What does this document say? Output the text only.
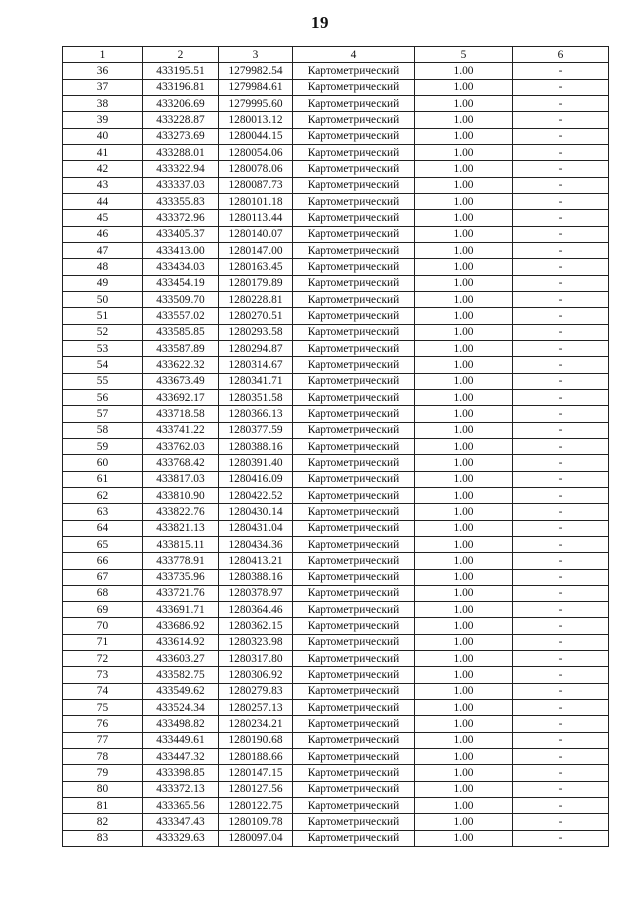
19
1	2	3	4	5	6
36	433195.51	1279982.54	Картометрический	1.00	-
37	433196.81	1279984.61	Картометрический	1.00	-
38	433206.69	1279995.60	Картометрический	1.00	-
39	433228.87	1280013.12	Картометрический	1.00	-
40	433273.69	1280044.15	Картометрический	1.00	-
41	433288.01	1280054.06	Картометрический	1.00	-
42	433322.94	1280078.06	Картометрический	1.00	-
43	433337.03	1280087.73	Картометрический	1.00	-
44	433355.83	1280101.18	Картометрический	1.00	-
45	433372.96	1280113.44	Картометрический	1.00	-
46	433405.37	1280140.07	Картометрический	1.00	-
47	433413.00	1280147.00	Картометрический	1.00	-
48	433434.03	1280163.45	Картометрический	1.00	-
49	433454.19	1280179.89	Картометрический	1.00	-
50	433509.70	1280228.81	Картометрический	1.00	-
51	433557.02	1280270.51	Картометрический	1.00	-
52	433585.85	1280293.58	Картометрический	1.00	-
53	433587.89	1280294.87	Картометрический	1.00	-
54	433622.32	1280314.67	Картометрический	1.00	-
55	433673.49	1280341.71	Картометрический	1.00	-
56	433692.17	1280351.58	Картометрический	1.00	-
57	433718.58	1280366.13	Картометрический	1.00	-
58	433741.22	1280377.59	Картометрический	1.00	-
59	433762.03	1280388.16	Картометрический	1.00	-
60	433768.42	1280391.40	Картометрический	1.00	-
61	433817.03	1280416.09	Картометрический	1.00	-
62	433810.90	1280422.52	Картометрический	1.00	-
63	433822.76	1280430.14	Картометрический	1.00	-
64	433821.13	1280431.04	Картометрический	1.00	-
65	433815.11	1280434.36	Картометрический	1.00	-
66	433778.91	1280413.21	Картометрический	1.00	-
67	433735.96	1280388.16	Картометрический	1.00	-
68	433721.76	1280378.97	Картометрический	1.00	-
69	433691.71	1280364.46	Картометрический	1.00	-
70	433686.92	1280362.15	Картометрический	1.00	-
71	433614.92	1280323.98	Картометрический	1.00	-
72	433603.27	1280317.80	Картометрический	1.00	-
73	433582.75	1280306.92	Картометрический	1.00	-
74	433549.62	1280279.83	Картометрический	1.00	-
75	433524.34	1280257.13	Картометрический	1.00	-
76	433498.82	1280234.21	Картометрический	1.00	-
77	433449.61	1280190.68	Картометрический	1.00	-
78	433447.32	1280188.66	Картометрический	1.00	-
79	433398.85	1280147.15	Картометрический	1.00	-
80	433372.13	1280127.56	Картометрический	1.00	-
81	433365.56	1280122.75	Картометрический	1.00	-
82	433347.43	1280109.78	Картометрический	1.00	-
83	433329.63	1280097.04	Картометрический	1.00	-
